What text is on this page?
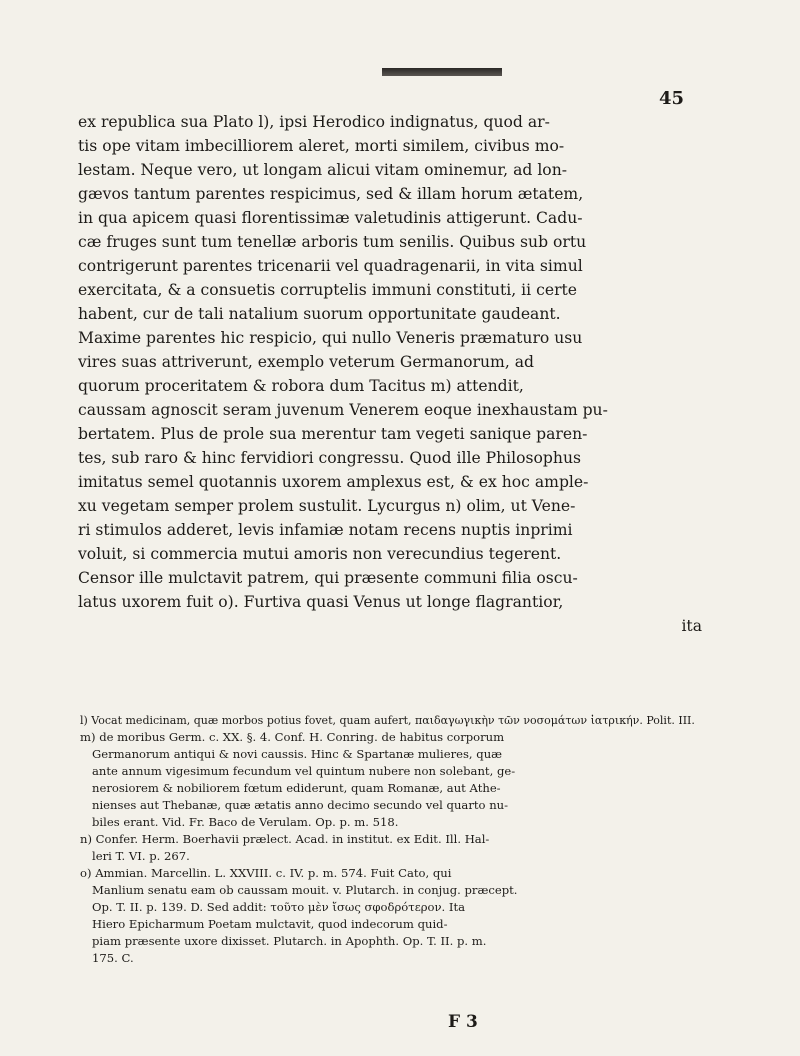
45
ex republica sua Plato l), ipsi Herodico indignatus, quod ar-
tis ope vitam imbecilliorem aleret, morti similem, civibus mo-
lestam. Neque vero, ut longam alicui vitam ominemur, ad lon-
gævos tantum parentes respicimus, sed & illam horum ætatem,
in qua apicem quasi florentissimæ valetudinis attigerunt. Cadu-
cæ fruges sunt tum tenellæ arboris tum senilis. Quibus sub ortu
contrigerunt parentes tricenarii vel quadragenarii, in vita simul
exercitata, & a consuetis corruptelis immuni constituti, ii certe
habent, cur de tali natalium suorum opportunitate gaudeant.
Maxime parentes hic respicio, qui nullo Veneris præmaturo usu
vires suas attriverunt, exemplo veterum Germanorum, ad
quorum proceritatem & robora dum Tacitus m) attendit,
caussam agnoscit seram juvenum Venerem eoque inexhaustam pu-
bertatem. Plus de prole sua merentur tam vegeti sanique paren-
tes, sub raro & hinc fervidiori congressu. Quod ille Philosophus
imitatus semel quotannis uxorem amplexus est, & ex hoc ample-
xu vegetam semper prolem sustulit. Lycurgus n) olim, ut Vene-
ri stimulos adderet, levis infamiæ notam recens nuptis inprimi
voluit, si commercia mutui amoris non verecundius tegerent.
Censor ille mulctavit patrem, qui præsente communi filia oscu-
latus uxorem fuit o). Furtiva quasi Venus ut longe flagrantior,
ita
l) Vocat medicinam, quæ morbos potius fovet, quam aufert, παιδαγωγικὴν τῶν νοσομάτων ἰατρικήν. Polit. III.
m) de moribus Germ. c. XX. §. 4. Conf. H. Conring. de habitus corporum
Germanorum antiqui & novi caussis. Hinc & Spartanæ mulieres, quæ
ante annum vigesimum fecundum vel quintum nubere non solebant, ge-
nerosiorem & nobiliorem fœtum ediderunt, quam Romanæ, aut Athe-
nienses aut Thebanæ, quæ ætatis anno decimo secundo vel quarto nu-
biles erant. Vid. Fr. Baco de Verulam. Op. p. m. 518.
n) Confer. Herm. Boerhavii prælect. Acad. in institut. ex Edit. Ill. Hal-
leri T. VI. p. 267.
o) Ammian. Marcellin. L. XXVIII. c. IV. p. m. 574. Fuit Cato, qui
Manlium senatu eam ob caussam mouit. v. Plutarch. in conjug. præcept.
Op. T. II. p. 139. D. Sed addit: τοῦτο μὲν ἴσως σφοδρότερον. Ita
Hiero Epicharmum Poetam mulctavit, quod indecorum quid-
piam præsente uxore dixisset. Plutarch. in Apophth. Op. T. II. p. m.
175. C.
F 3
